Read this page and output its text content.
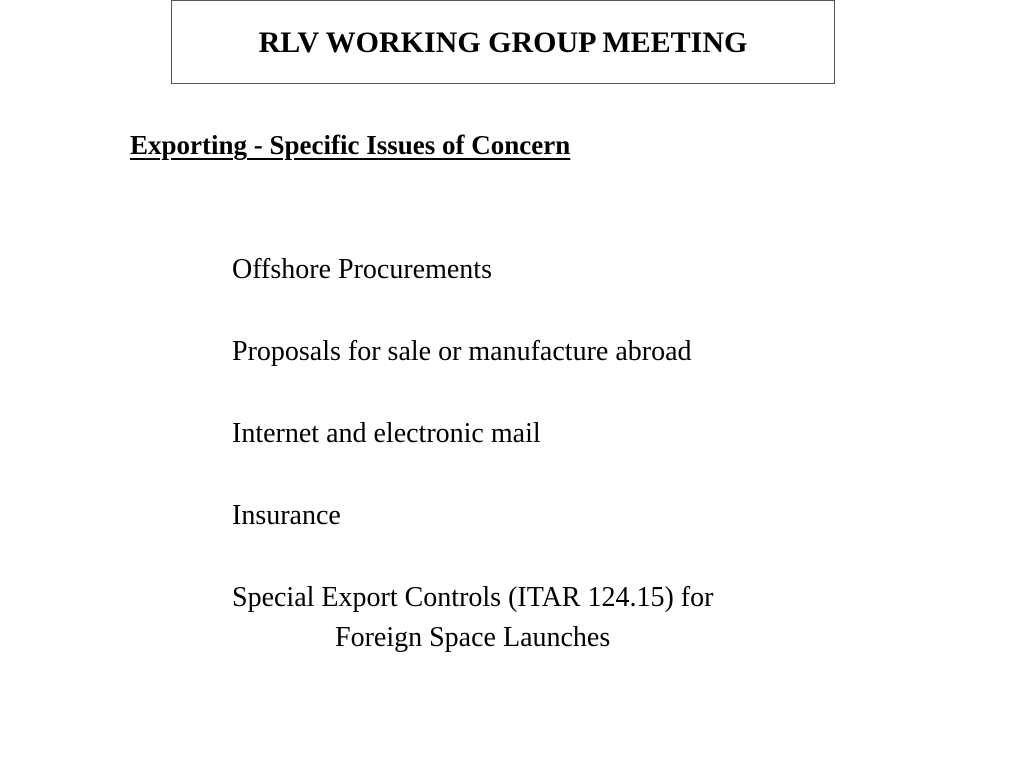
RLV WORKING GROUP MEETING
Exporting - Specific Issues of Concern
Offshore Procurements
Proposals for sale or manufacture abroad
Internet and electronic mail
Insurance
Special Export Controls (ITAR 124.15) for
Foreign Space Launches
